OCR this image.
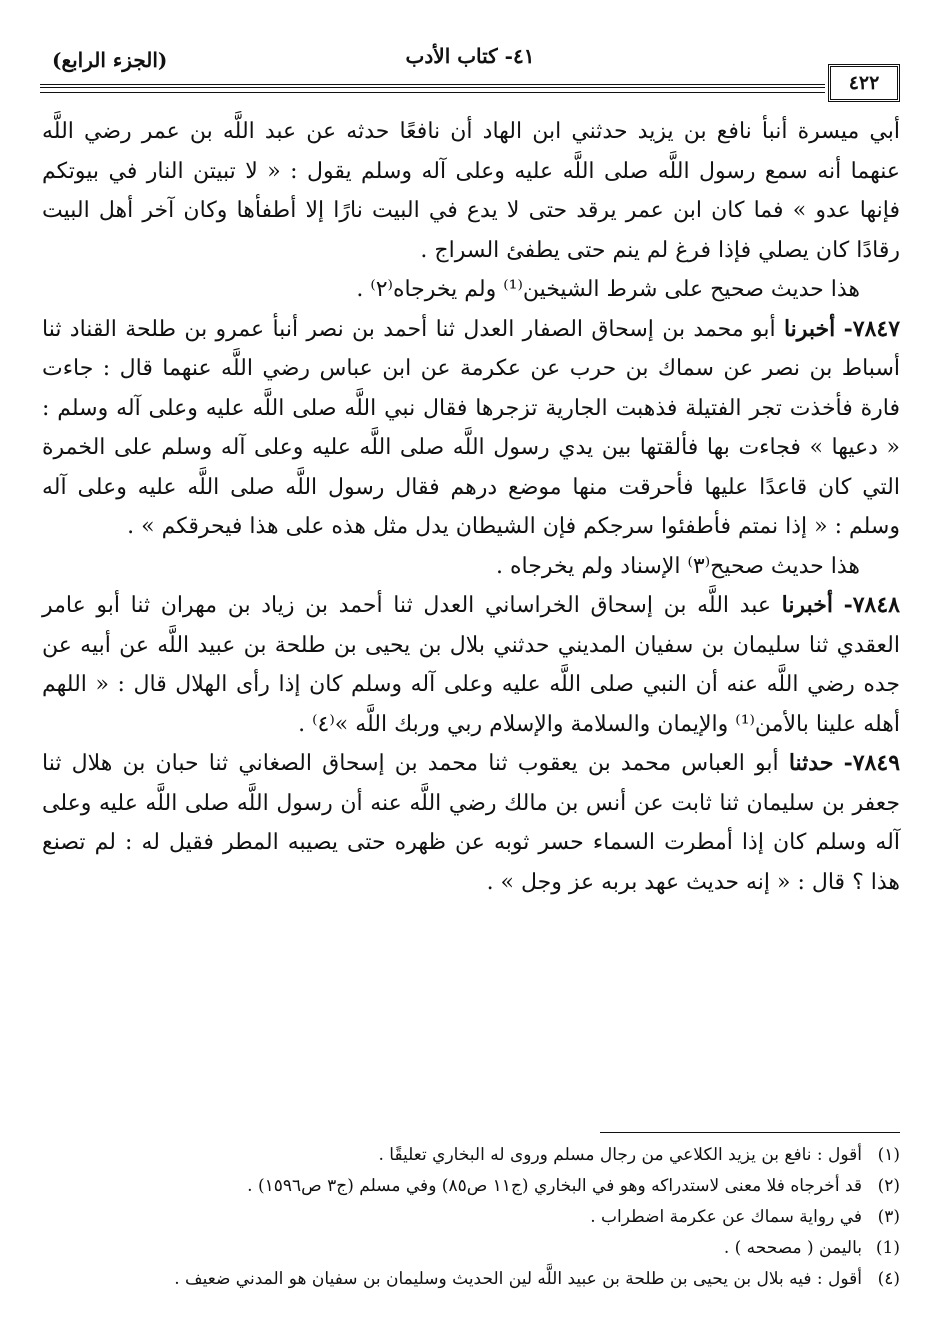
(الجزء الرابع)	٤١- كتاب الأدب
٤٢٢

أبي ميسرة أنبأ نافع بن يزيد حدثني ابن الهاد أن نافعًا حدثه عن عبد اللَّه بن عمر رضي اللَّه عنهما أنه سمع رسول اللَّه صلى اللَّه عليه وعلى آله وسلم يقول : « لا تبيتن النار في بيوتكم فإنها عدو » فما كان ابن عمر يرقد حتى لا يدع في البيت نارًا إلا أطفأها وكان آخر أهل البيت رقادًا كان يصلي فإذا فرغ لم ينم حتى يطفئ السراج .

هذا حديث صحيح على شرط الشيخين⁽¹⁾ ولم يخرجاه⁽٢⁾ .

٧٨٤٧- أخبرنا أبو محمد بن إسحاق الصفار العدل ثنا أحمد بن نصر أنبأ عمرو بن طلحة القناد ثنا أسباط بن نصر عن سماك بن حرب عن عكرمة عن ابن عباس رضي اللَّه عنهما قال : جاءت فارة فأخذت تجر الفتيلة فذهبت الجارية تزجرها فقال نبي اللَّه صلى اللَّه عليه وعلى آله وسلم : « دعيها » فجاءت بها فألقتها بين يدي رسول اللَّه صلى اللَّه عليه وعلى آله وسلم على الخمرة التي كان قاعدًا عليها فأحرقت منها موضع درهم فقال رسول اللَّه صلى اللَّه عليه وعلى آله وسلم : « إذا نمتم فأطفئوا سرجكم فإن الشيطان يدل مثل هذه على هذا فيحرقكم » .

هذا حديث صحيح⁽٣⁾ الإسناد ولم يخرجاه .

٧٨٤٨- أخبرنا عبد اللَّه بن إسحاق الخراساني العدل ثنا أحمد بن زياد بن مهران ثنا أبو عامر العقدي ثنا سليمان بن سفيان المديني حدثني بلال بن يحيى بن طلحة بن عبيد اللَّه عن أبيه عن جده رضي اللَّه عنه أن النبي صلى اللَّه عليه وعلى آله وسلم كان إذا رأى الهلال قال : « اللهم أهله علينا بالأمن⁽¹⁾ والإيمان والسلامة والإسلام ربي وربك اللَّه »⁽٤⁾ .

٧٨٤٩- حدثنا أبو العباس محمد بن يعقوب ثنا محمد بن إسحاق الصغاني ثنا حبان بن هلال ثنا جعفر بن سليمان ثنا ثابت عن أنس بن مالك رضي اللَّه عنه أن رسول اللَّه صلى اللَّه عليه وعلى آله وسلم كان إذا أمطرت السماء حسر ثوبه عن ظهره حتى يصيبه المطر فقيل له : لم تصنع هذا ؟ قال : « إنه حديث عهد بربه عز وجل » .

(١)أقول : نافع بن يزيد الكلاعي من رجال مسلم وروى له البخاري تعليقًا .

(٢)قد أخرجاه فلا معنى لاستدراكه وهو في البخاري (ج١١ ص٨٥) وفي مسلم (ج٣ ص١٥٩٦) .

(٣)في رواية سماك عن عكرمة اضطراب .

(1)باليمن ( مصححه ) .

(٤)أقول : فيه بلال بن يحيى بن طلحة بن عبيد اللَّه لين الحديث وسليمان بن سفيان هو المدني ضعيف .
